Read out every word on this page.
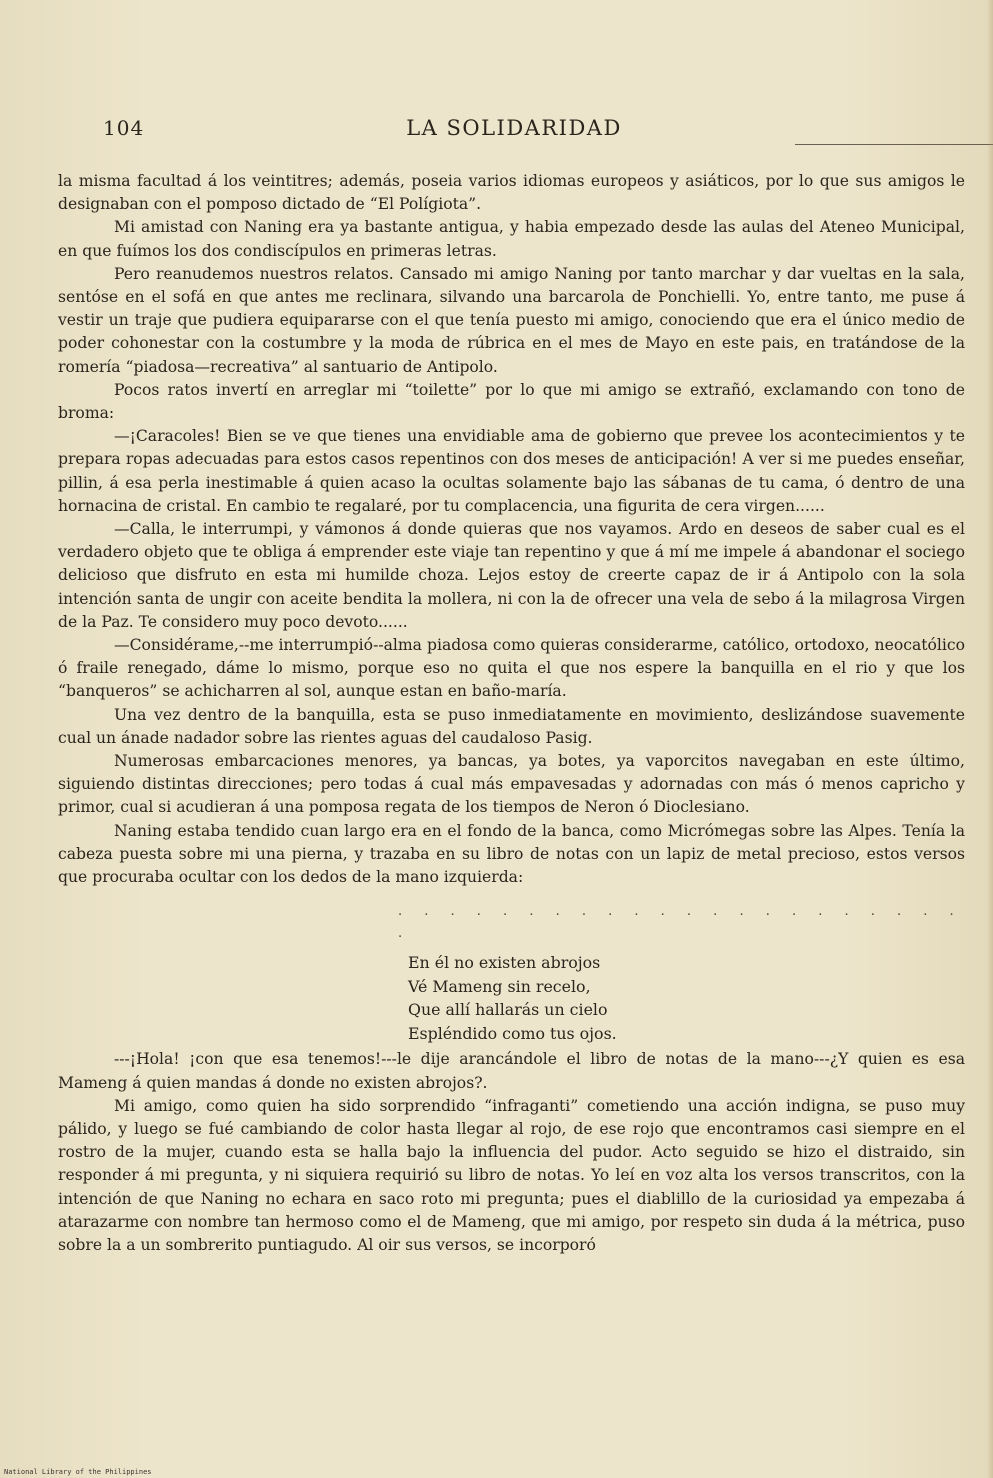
104	LA SOLIDARIDAD

la misma facultad á los veintitres; además, poseia varios idiomas europeos y asiáticos, por lo que sus amigos le designaban con el pomposo dictado de “El Polígiota”.

Mi amistad con Naning era ya bastante antigua, y habia empezado desde las aulas del Ateneo Municipal, en que fuímos los dos condiscípulos en primeras letras.

Pero reanudemos nuestros relatos. Cansado mi amigo Naning por tanto marchar y dar vueltas en la sala, sentóse en el sofá en que antes me reclinara, silvando una barcarola de Ponchielli. Yo, entre tanto, me puse á vestir un traje que pudiera equipararse con el que tenía puesto mi amigo, conociendo que era el único medio de poder cohonestar con la costumbre y la moda de rúbrica en el mes de Mayo en este pais, en tratándose de la romería “piadosa—recreativa” al santuario de Antipolo.

Pocos ratos invertí en arreglar mi “toilette” por lo que mi amigo se extrañó, exclamando con tono de broma:

—¡Caracoles! Bien se ve que tienes una envidiable ama de gobierno que prevee los acontecimientos y te prepara ropas adecuadas para estos casos repentinos con dos meses de anticipación! A ver si me puedes enseñar, pillin, á esa perla inestimable á quien acaso la ocultas solamente bajo las sábanas de tu cama, ó dentro de una hornacina de cristal. En cambio te regalaré, por tu complacencia, una figurita de cera virgen......

—Calla, le interrumpi, y vámonos á donde quieras que nos vayamos. Ardo en deseos de saber cual es el verdadero objeto que te obliga á emprender este viaje tan repentino y que á mí me impele á abandonar el sociego delicioso que disfruto en esta mi humilde choza. Lejos estoy de creerte capaz de ir á Antipolo con la sola intención santa de ungir con aceite bendita la mollera, ni con la de ofrecer una vela de sebo á la milagrosa Virgen de la Paz. Te considero muy poco devoto......

—Considérame,--me interrumpió--alma piadosa como quieras considerarme, católico, ortodoxo, neocatólico ó fraile renegado, dáme lo mismo, porque eso no quita el que nos espere la banquilla en el rio y que los “banqueros” se achicharren al sol, aunque estan en baño-maría.

Una vez dentro de la banquilla, esta se puso inmediatamente en movimiento, deslizándose suavemente cual un ánade nadador sobre las rientes aguas del caudaloso Pasig.

Numerosas embarcaciones menores, ya bancas, ya botes, ya vaporcitos navegaban en este último, siguiendo distintas direcciones; pero todas á cual más empavesadas y adornadas con más ó menos capricho y primor, cual si acudieran á una pomposa regata de los tiempos de Neron ó Dioclesiano.

Naning estaba tendido cuan largo era en el fondo de la banca, como Micrómegas sobre las Alpes. Tenía la cabeza puesta sobre mi una pierna, y trazaba en su libro de notas con un lapiz de metal precioso, estos versos que procuraba ocultar con los dedos de la mano izquierda:

. . . . . . . . . . . . . . . . . . . . . . .

En él no existen abrojos
Vé Mameng sin recelo,
Que allí hallarás un cielo
Espléndido como tus ojos.

---¡Hola! ¡con que esa tenemos!---le dije arancándole el libro de notas de la mano---¿Y quien es esa Mameng á quien mandas á donde no existen abrojos?.

Mi amigo, como quien ha sido sorprendido “infraganti” cometiendo una acción indigna, se puso muy pálido, y luego se fué cambiando de color hasta llegar al rojo, de ese rojo que encontramos casi siempre en el rostro de la mujer, cuando esta se halla bajo la influencia del pudor. Acto seguido se hizo el distraido, sin responder á mi pregunta, y ni siquiera requirió su libro de notas. Yo leí en voz alta los versos transcritos, con la intención de que Naning no echara en saco roto mi pregunta; pues el diablillo de la curiosidad ya empezaba á atarazarme con nombre tan hermoso como el de Mameng, que mi amigo, por respeto sin duda á la métrica, puso sobre la a un sombrerito puntiagudo. Al oir sus versos, se incorporó

National Library of the Philippines
